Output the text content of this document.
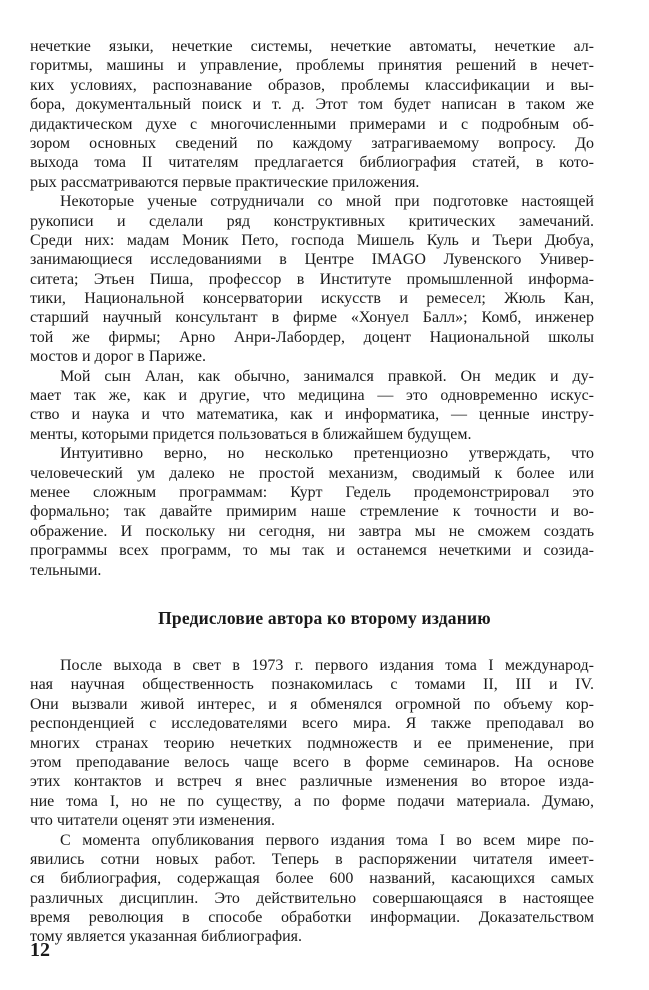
нечеткие языки, нечеткие системы, нечеткие автоматы, нечеткие ал-
горитмы, машины и управление, проблемы принятия решений в нечет-
ких условиях, распознавание образов, проблемы классификации и вы-
бора, документальный поиск и т. д. Этот том будет написан в таком же
дидактическом духе с многочисленными примерами и с подробным об-
зором основных сведений по каждому затрагиваемому вопросу. До
выхода тома II читателям предлагается библиография статей, в кото-
рых рассматриваются первые практические приложения.
Некоторые ученые сотрудничали со мной при подготовке настоящей
рукописи и сделали ряд конструктивных критических замечаний.
Среди них: мадам Моник Пето, господа Мишель Куль и Тьери Дюбуа,
занимающиеся исследованиями в Центре IMAGO Лувенского Универ-
ситета; Этьен Пиша, профессор в Институте промышленной информа-
тики, Национальной консерватории искусств и ремесел; Жюль Кан,
старший научный консультант в фирме «Хонуел Балл»; Комб, инженер
той же фирмы; Арно Анри-Лабордер, доцент Национальной школы
мостов и дорог в Париже.
Мой сын Алан, как обычно, занимался правкой. Он медик и ду-
мает так же, как и другие, что медицина — это одновременно искус-
ство и наука и что математика, как и информатика, — ценные инстру-
менты, которыми придется пользоваться в ближайшем будущем.
Интуитивно верно, но несколько претенциозно утверждать, что
человеческий ум далеко не простой механизм, сводимый к более или
менее сложным программам: Курт Гедель продемонстрировал это
формально; так давайте примирим наше стремление к точности и во-
ображение. И поскольку ни сегодня, ни завтра мы не сможем создать
программы всех программ, то мы так и останемся нечеткими и созида-
тельными.
Предисловие автора ко второму изданию
После выхода в свет в 1973 г. первого издания тома I международ-
ная научная общественность познакомилась с томами II, III и IV.
Они вызвали живой интерес, и я обменялся огромной по объему кор-
респонденцией с исследователями всего мира. Я также преподавал во
многих странах теорию нечетких подмножеств и ее применение, при
этом преподавание велось чаще всего в форме семинаров. На основе
этих контактов и встреч я внес различные изменения во второе изда-
ние тома I, но не по существу, а по форме подачи материала. Думаю,
что читатели оценят эти изменения.
С момента опубликования первого издания тома I во всем мире по-
явились сотни новых работ. Теперь в распоряжении читателя имеет-
ся библиография, содержащая более 600 названий, касающихся самых
различных дисциплин. Это действительно совершающаяся в настоящее
время революция в способе обработки информации. Доказательством
тому является указанная библиография.
12
